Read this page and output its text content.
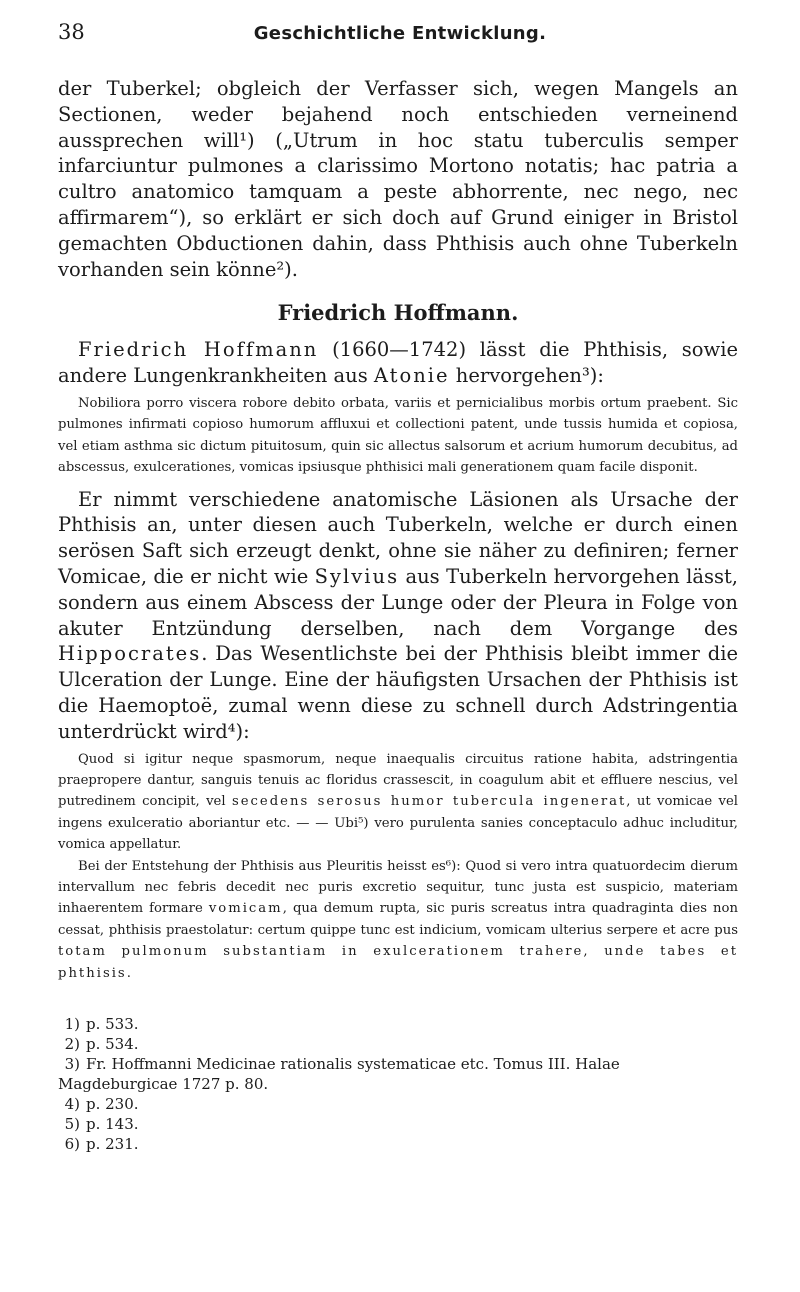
38	Geschichtliche Entwicklung.

der Tuberkel; obgleich der Verfasser sich, wegen Mangels an Sectionen, weder bejahend noch entschieden verneinend aussprechen will¹) („Utrum in hoc statu tuberculis semper infarciuntur pulmones a clarissimo Mortono notatis; hac patria a cultro anatomico tamquam a peste abhorrente, nec nego, nec affirmarem“), so erklärt er sich doch auf Grund einiger in Bristol gemachten Obductionen dahin, dass Phthisis auch ohne Tuberkeln vorhanden sein könne²).

Friedrich Hoffmann.

Friedrich Hoffmann (1660—1742) lässt die Phthisis, sowie andere Lungenkrankheiten aus Atonie hervorgehen³):

Nobiliora porro viscera robore debito orbata, variis et pernicialibus morbis ortum praebent. Sic pulmones infirmati copioso humorum affluxui et collectioni patent, unde tussis humida et copiosa, vel etiam asthma sic dictum pituitosum, quin sic allectus salsorum et acrium humorum decubitus, ad abscessus, exulcerationes, vomicas ipsiusque phthisici mali generationem quam facile disponit.

Er nimmt verschiedene anatomische Läsionen als Ursache der Phthisis an, unter diesen auch Tuberkeln, welche er durch einen serösen Saft sich erzeugt denkt, ohne sie näher zu definiren; ferner Vomicae, die er nicht wie Sylvius aus Tuberkeln hervorgehen lässt, sondern aus einem Abscess der Lunge oder der Pleura in Folge von akuter Entzündung derselben, nach dem Vorgange des Hippocrates. Das Wesentlichste bei der Phthisis bleibt immer die Ulceration der Lunge. Eine der häufigsten Ursachen der Phthisis ist die Haemoptoë, zumal wenn diese zu schnell durch Adstringentia unterdrückt wird⁴):

Quod si igitur neque spasmorum, neque inaequalis circuitus ratione habita, adstringentia praepropere dantur, sanguis tenuis ac floridus crassescit, in coagulum abit et effluere nescius, vel putredinem concipit, vel secedens serosus humor tubercula ingenerat, ut vomicae vel ingens exulceratio aboriantur etc. — — Ubi⁵) vero purulenta sanies conceptaculo adhuc includitur, vomica appellatur.

Bei der Entstehung der Phthisis aus Pleuritis heisst es⁶): Quod si vero intra quatuordecim dierum intervallum nec febris decedit nec puris excretio sequitur, tunc justa est suspicio, materiam inhaerentem formare vomicam, qua demum rupta, sic puris screatus intra quadraginta dies non cessat, phthisis praestolatur: certum quippe tunc est indicium, vomicam ulterius serpere et acre pus totam pulmonum substantiam in exulcerationem trahere, unde tabes et phthisis.

1) p. 533.
2) p. 534.
3) Fr. Hoffmanni Medicinae rationalis systematicae etc. Tomus III. Halae Magdeburgicae 1727 p. 80.
4) p. 230.
5) p. 143.
6) p. 231.
